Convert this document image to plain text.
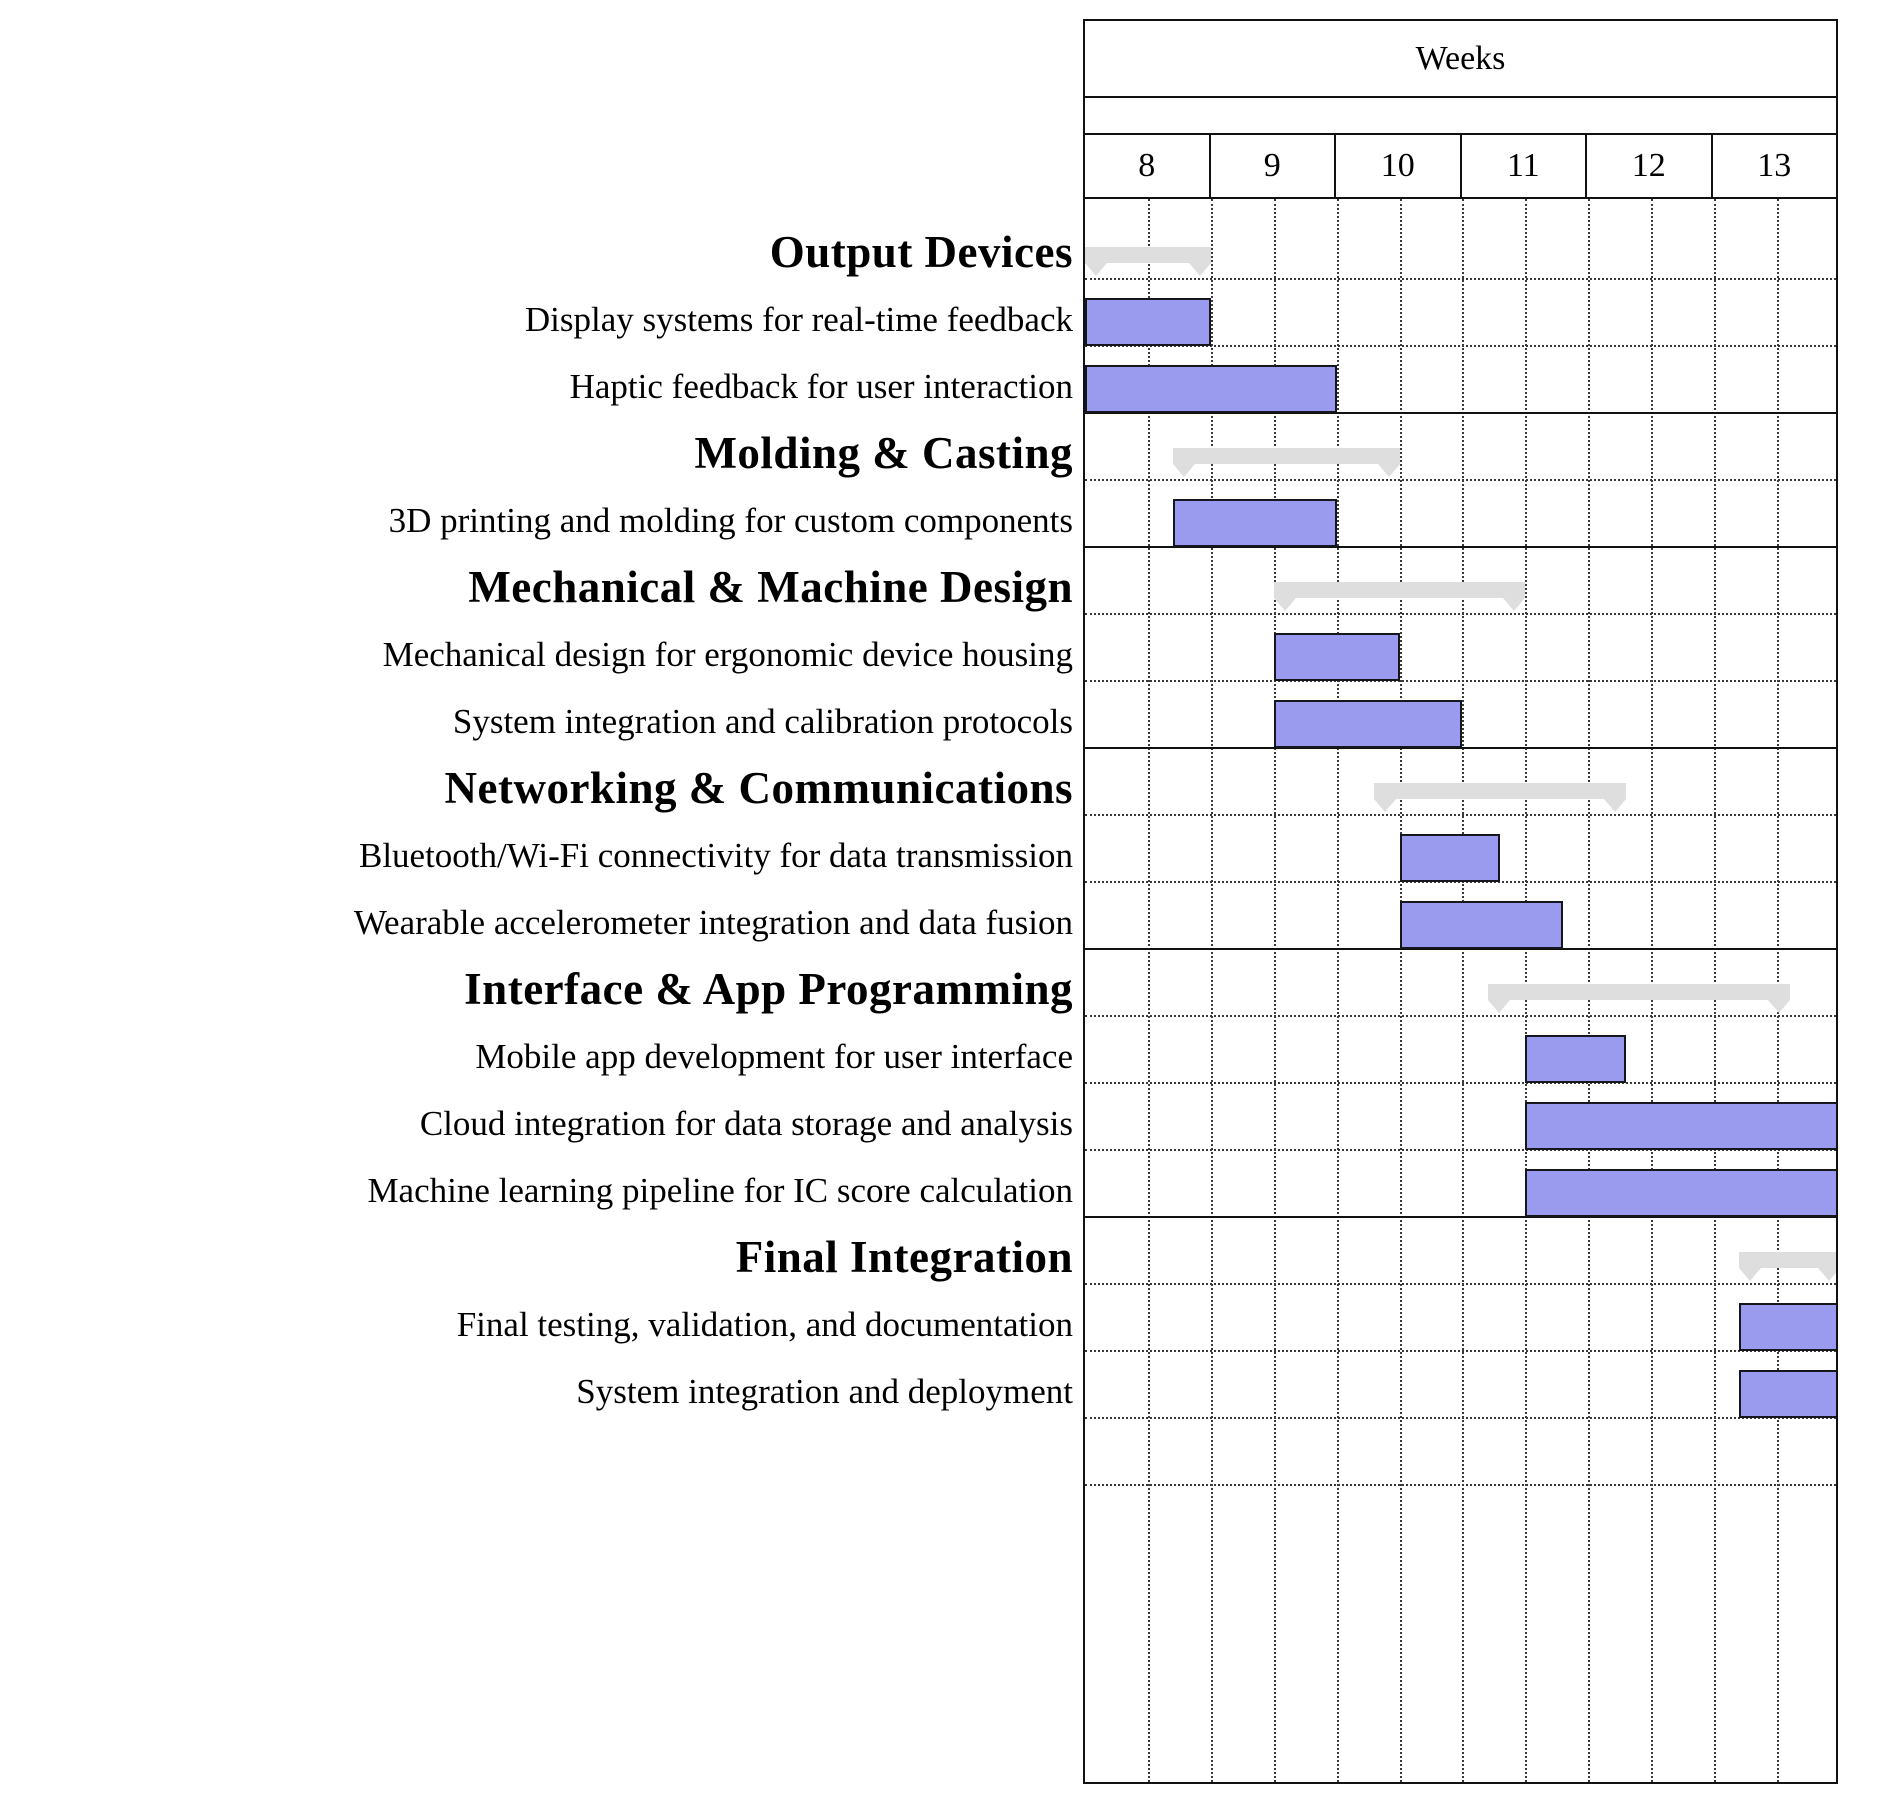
Output Devices
Display systems for real-time feedback
Haptic feedback for user interaction
Molding & Casting
3D printing and molding for custom components
Mechanical & Machine Design
Mechanical design for ergonomic device housing
System integration and calibration protocols
Networking & Communications
Bluetooth/Wi-Fi connectivity for data transmission
Wearable accelerometer integration and data fusion
Interface & App Programming
Mobile app development for user interface
Cloud integration for data storage and analysis
Machine learning pipeline for IC score calculation
Final Integration
Final testing, validation, and documentation
System integration and deployment
Weeks
8	9	10	11	12	13
